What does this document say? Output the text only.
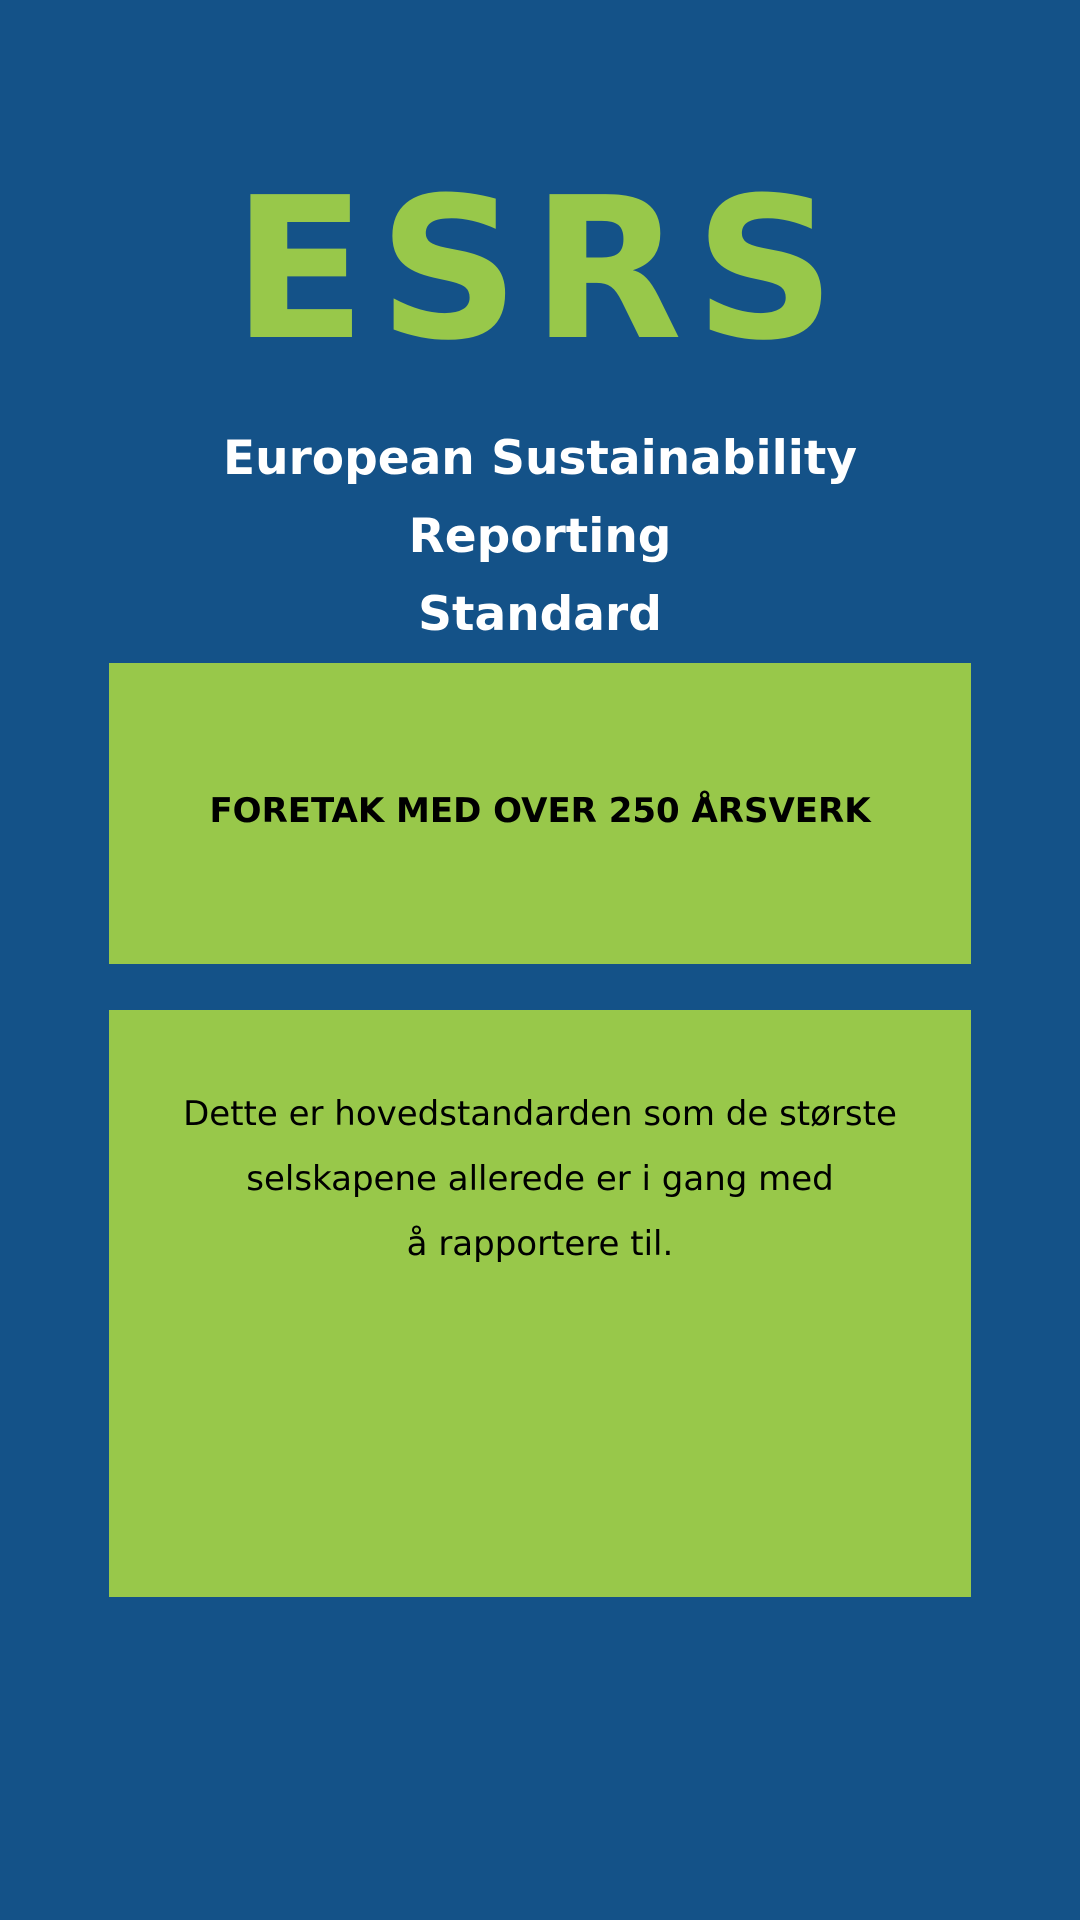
ESRS
European Sustainability Reporting
Standard

FORETAK MED OVER 250 ÅRSVERK

Dette er hovedstandarden som de største
selskapene allerede er i gang med
å rapportere til.
